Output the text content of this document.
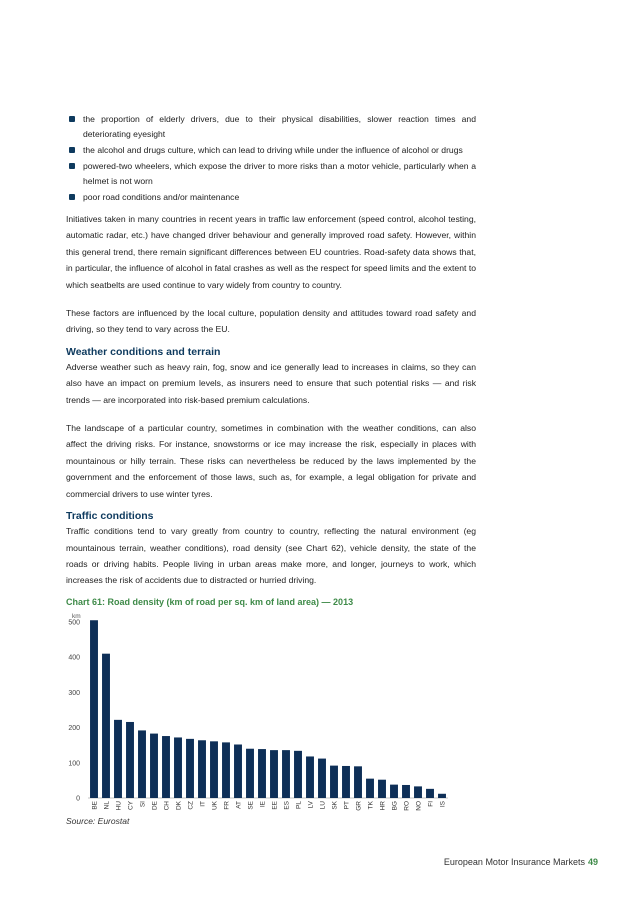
the proportion of elderly drivers, due to their physical disabilities, slower reaction times and deteriorating eyesight
the alcohol and drugs culture, which can lead to driving while under the influence of alcohol or drugs
powered-two wheelers, which expose the driver to more risks than a motor vehicle, particularly when a helmet is not worn
poor road conditions and/or maintenance

Initiatives taken in many countries in recent years in traffic law enforcement (speed control, alcohol testing, automatic radar, etc.) have changed driver behaviour and generally improved road safety. However, within this general trend, there remain significant differences between EU countries. Road-safety data shows that, in particular, the influence of alcohol in fatal crashes as well as the respect for speed limits and the extent to which seatbelts are used continue to vary widely from country to country.

These factors are influenced by the local culture, population density and attitudes toward road safety and driving, so they tend to vary across the EU.

Weather conditions and terrain

Adverse weather such as heavy rain, fog, snow and ice generally lead to increases in claims, so they can also have an impact on premium levels, as insurers need to ensure that such potential risks — and risk trends — are incorporated into risk-based premium calculations.

The landscape of a particular country, sometimes in combination with the weather conditions, can also affect the driving risks. For instance, snowstorms or ice may increase the risk, especially in places with mountainous or hilly terrain. These risks can nevertheless be reduced by the laws implemented by the government and the enforcement of those laws, such as, for example, a legal obligation for private and commercial drivers to use winter tyres.

Traffic conditions

Traffic conditions tend to vary greatly from country to country, reflecting the natural environment (eg mountainous terrain, weather conditions), road density (see Chart 62), vehicle density, the state of the roads or driving habits. People living in urban areas make more, and longer, journeys to work, which increases the risk of accidents due to distracted or hurried driving.

Chart 61: Road density (km of road per sq. km of land area) — 2013
km
0
100
200
300
400
500
BE NL HU CY SI DE CH DK CZ IT UK FR AT SE IE EE ES PL LV LU SK PT GR TK HR BG RO NO FI IS
Source: Eurostat
European Motor Insurance Markets 49
